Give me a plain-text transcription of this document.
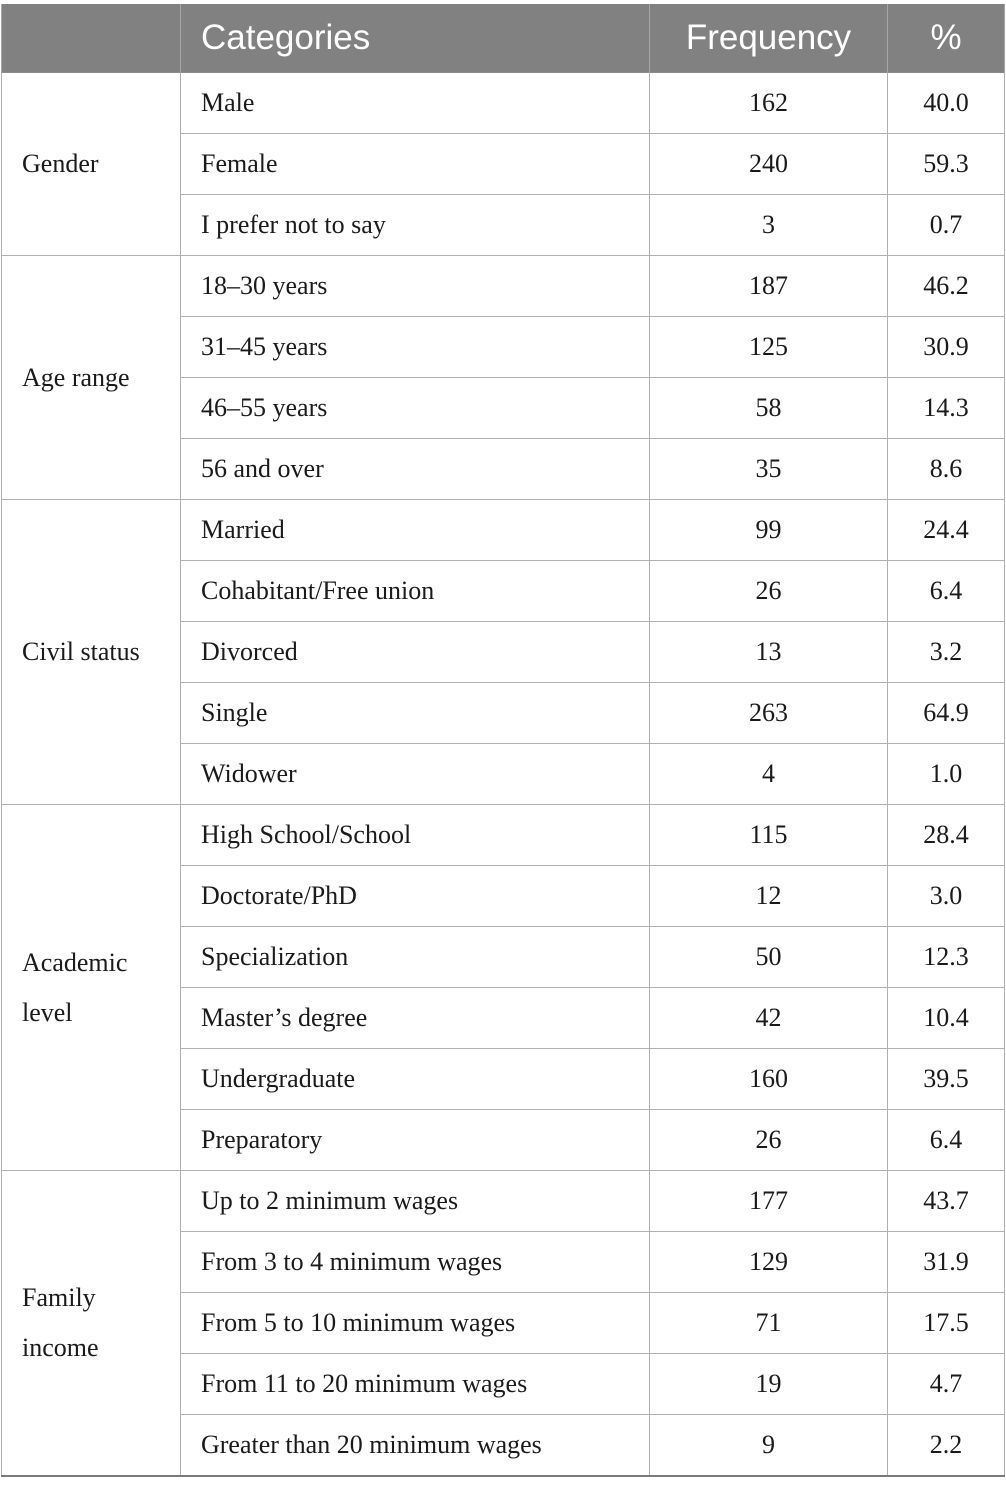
	Categories	Frequency	%
Gender	Male	162	40.0
	Female	240	59.3
	I prefer not to say	3	0.7
Age range	18–30 years	187	46.2
	31–45 years	125	30.9
	46–55 years	58	14.3
	56 and over	35	8.6
Civil status	Married	99	24.4
	Cohabitant/Free union	26	6.4
	Divorced	13	3.2
	Single	263	64.9
	Widower	4	1.0
Academic level	High School/School	115	28.4
	Doctorate/PhD	12	3.0
	Specialization	50	12.3
	Master’s degree	42	10.4
	Undergraduate	160	39.5
	Preparatory	26	6.4
Family income	Up to 2 minimum wages	177	43.7
	From 3 to 4 minimum wages	129	31.9
	From 5 to 10 minimum wages	71	17.5
	From 11 to 20 minimum wages	19	4.7
	Greater than 20 minimum wages	9	2.2
